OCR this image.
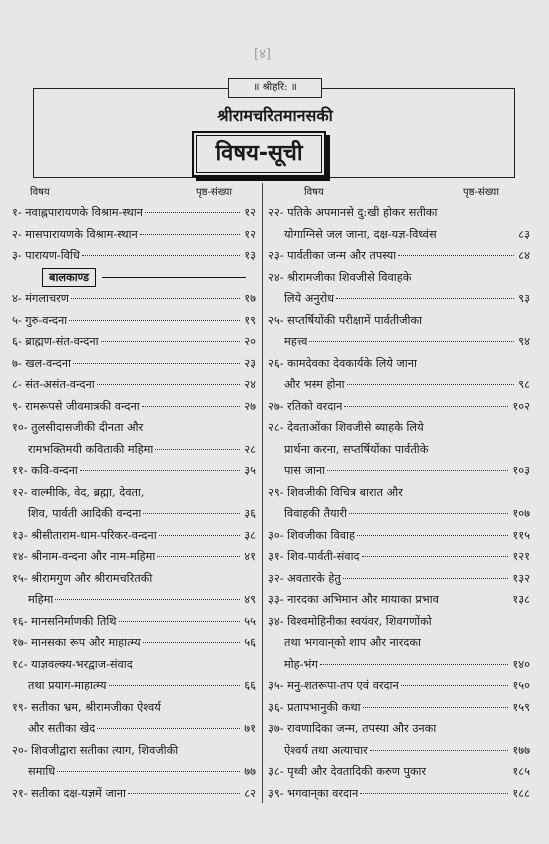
[४]
॥ श्रीहरि: ॥
श्रीरामचरितमानसकी
विषय-सूची
विषय	पृष्ठ-संख्या	विषय	पृष्ठ-संख्या
१- नवाह्नपारायणके विश्राम-स्थान	१२
२- मासपारायणके विश्राम-स्थान	१२
३- पारायण-विधि	१३
बालकाण्ड
४- मंगलाचरण	१७
५- गुरु-वन्दना	१९
६- ब्राह्मण-संत-वन्दना	२०
७- खल-वन्दना	२३
८- संत-असंत-वन्दना	२४
९- रामरूपसे जीवमात्रकी वन्दना	२७
१०- तुलसीदासजीकी दीनता और
रामभक्तिमयी कविताकी महिमा	२८
११- कवि-वन्दना	३५
१२- वाल्मीकि, वेद, ब्रह्मा, देवता,
शिव, पार्वती आदिकी वन्दना	३६
१३- श्रीसीताराम-धाम-परिकर-वन्दना	३८
१४- श्रीनाम-वन्दना और नाम-महिमा	४१
१५- श्रीरामगुण और श्रीरामचरितकी
महिमा	४९
१६- मानसनिर्माणकी तिथि	५५
१७- मानसका रूप और माहात्म्य	५६
१८- याज्ञवल्क्य-भरद्वाज-संवाद
तथा प्रयाग-माहात्म्य	६६
१९- सतीका भ्रम, श्रीरामजीका ऐश्वर्य
और सतीका खेद	७१
२०- शिवजीद्वारा सतीका त्याग, शिवजीकी
समाधि	७७
२१- सतीका दक्ष-यज्ञमें जाना	८२
२२- पतिके अपमानसे दु:खी होकर सतीका
योगाग्निसे जल जाना, दक्ष-यज्ञ-विध्वंस	८३
२३- पार्वतीका जन्म और तपस्या	८४
२४- श्रीरामजीका शिवजीसे विवाहके
लिये अनुरोध	९३
२५- सप्तर्षियोंकी परीक्षामें पार्वतीजीका
महत्त्व	९४
२६- कामदेवका देवकार्यके लिये जाना
और भस्म होना	९८
२७- रतिको वरदान	१०२
२८- देवताओंका शिवजीसे ब्याहके लिये
प्रार्थना करना, सप्तर्षियोंका पार्वतीके
पास जाना	१०३
२९- शिवजीकी विचित्र बारात और
विवाहकी तैयारी	१०७
३०- शिवजीका विवाह	११५
३१- शिव-पार्वती-संवाद	१२१
३२- अवतारके हेतु	१३२
३३- नारदका अभिमान और मायाका प्रभाव	१३८
३४- विश्वमोहिनीका स्वयंवर, शिवगणोंको
तथा भगवान्‌को शाप और नारदका
मोह-भंग	१४०
३५- मनु-शतरूपा-तप एवं वरदान	१५०
३६- प्रतापभानुकी कथा	१५९
३७- रावणादिका जन्म, तपस्या और उनका
ऐश्वर्य तथा अत्याचार	१७७
३८- पृथ्वी और देवतादिकी करुण पुकार	१८५
३९- भगवान्‌का वरदान	१८८
